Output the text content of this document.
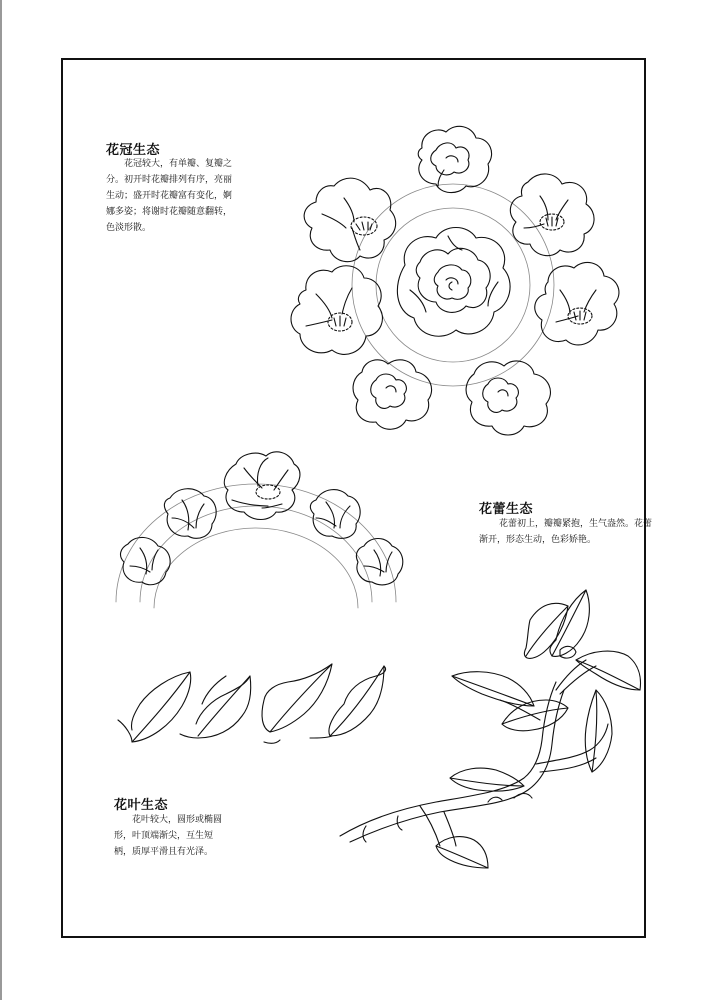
花冠生态

花冠较大，有单瓣、复瓣之分。初开时花瓣排列有序，亮丽生动；盛开时花瓣富有变化，婀娜多姿；将谢时花瓣随意翻转，色淡形散。

花蕾生态

花蕾初上，瓣瓣紧抱，生气盎然。花蕾渐开，形态生动，色彩娇艳。

花叶生态

花叶较大，圆形或椭圆形，叶顶端渐尖，互生短柄，质厚平滑且有光泽。
